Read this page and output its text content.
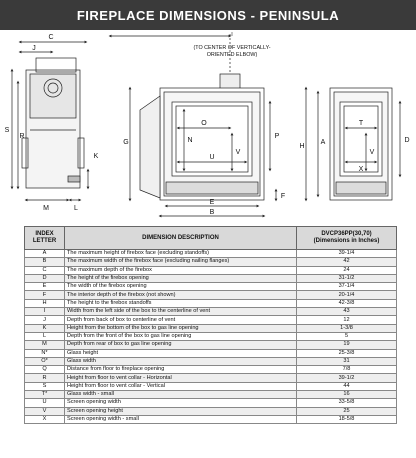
FIREPLACE DIMENSIONS - PENINSULA
C
J
S
R
K
M	L
I
(TO CENTER OF VERTICALLY-
ORIENTED ELBOW)
G
O
N
U
V
P
F
E
B
H
A
T
V
X
D
INDEX
LETTER	DIMENSION DESCRIPTION	DVCP36PP(30,70)
(Dimensions in Inches)
A	The maximum height of firebox face (excluding standoffs)	39-1/4
B	The maximum width of the firebox face (excluding nailing flanges)	42
C	The maximum depth of the firebox	24
D	The height of the firebox opening	31-1/2
E	The width of the firebox opening	37-1/4
F	The interior depth of the firebox (not shown)	20-1/4
H	The height to the firebox standoffs	42-3/8
I	Width from the left side of the box to the centerline of vent	43
J	Depth from back of box to centerline of vent	12
K	Height from the bottom of the box to gas line opening	1-3/8
L	Depth from the front of the box to gas line opening	5
M	Depth from rear of box to gas line opening	19
N*	Glass height	25-3/8
O*	Glass width	31
Q	Distance from floor to fireplace opening	7/8
R	Height from floor to vent collar - Horizontal	39-1/2
S	Height from floor to vent collar - Vertical	44
T*	Glass width - small	16
U	Screen opening width	33-5/8
V	Screen opening height	25
X	Screen opening width - small	18-5/8
